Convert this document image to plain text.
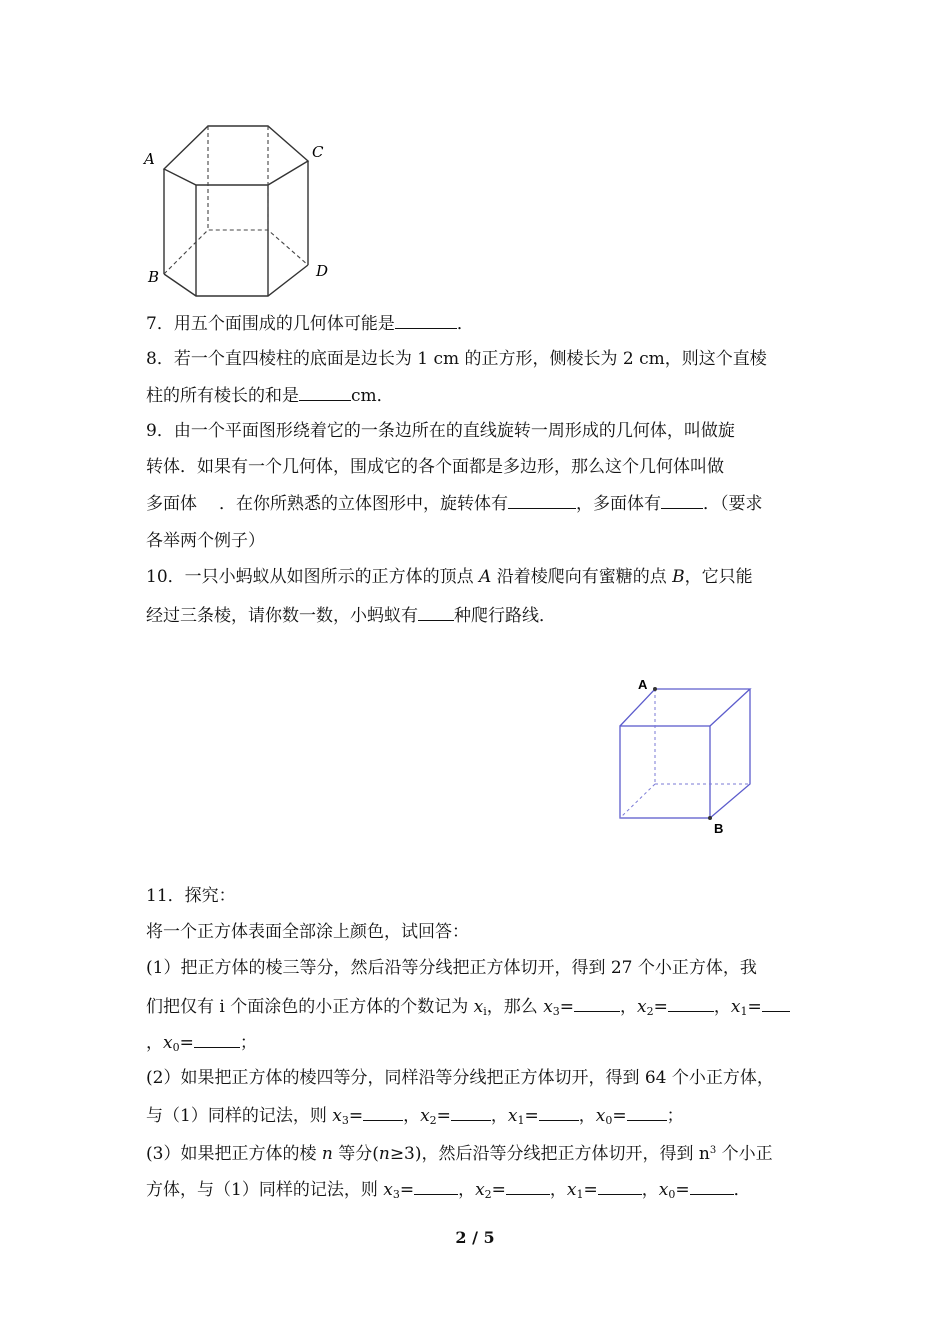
A	C
B	D
7．用五个面围成的几何体可能是	．
8．若一个直四棱柱的底面是边长为 1 cm 的正方形，侧棱长为 2 cm，则这个直棱
柱的所有棱长的和是	cm．
9．由一个平面图形绕着它的一条边所在的直线旋转一周形成的几何体，叫做旋
转体．如果有一个几何体，围成它的各个面都是多边形，那么这个几何体叫做
多面体 ．在你所熟悉的立体图形中，旋转体有	，多面体有 ．（要求
各举两个例子）
10．一只小蚂蚁从如图所示的正方体的顶点 A 沿着棱爬向有蜜糖的点 B，它只能
经过三条棱，请你数一数，小蚂蚁有 种爬行路线．
A
B
11．探究：
将一个正方体表面全部涂上颜色，试回答：
(1）把正方体的棱三等分，然后沿等分线把正方体切开，得到 27 个小正方体，我
们把仅有 i 个面涂色的小正方体的个数记为 $x_i$，那么 $x_3=$	，$x_2=$	，$x_1=$
，$x_0=$	；
(2）如果把正方体的棱四等分，同样沿等分线把正方体切开，得到 64 个小正方体，
与（1）同样的记法，则 $x_3=$ ，$x_2=$ ，$x_1=$ ，$x_0=$ ；
(3）如果把正方体的棱 n 等分(n≥3)，然后沿等分线把正方体切开，得到 $n^3$ 个小正
方体，与（1）同样的记法，则 $x_3=$	，$x_2=$	，$x_1=$	，$x_0=$	．
2 / 5
